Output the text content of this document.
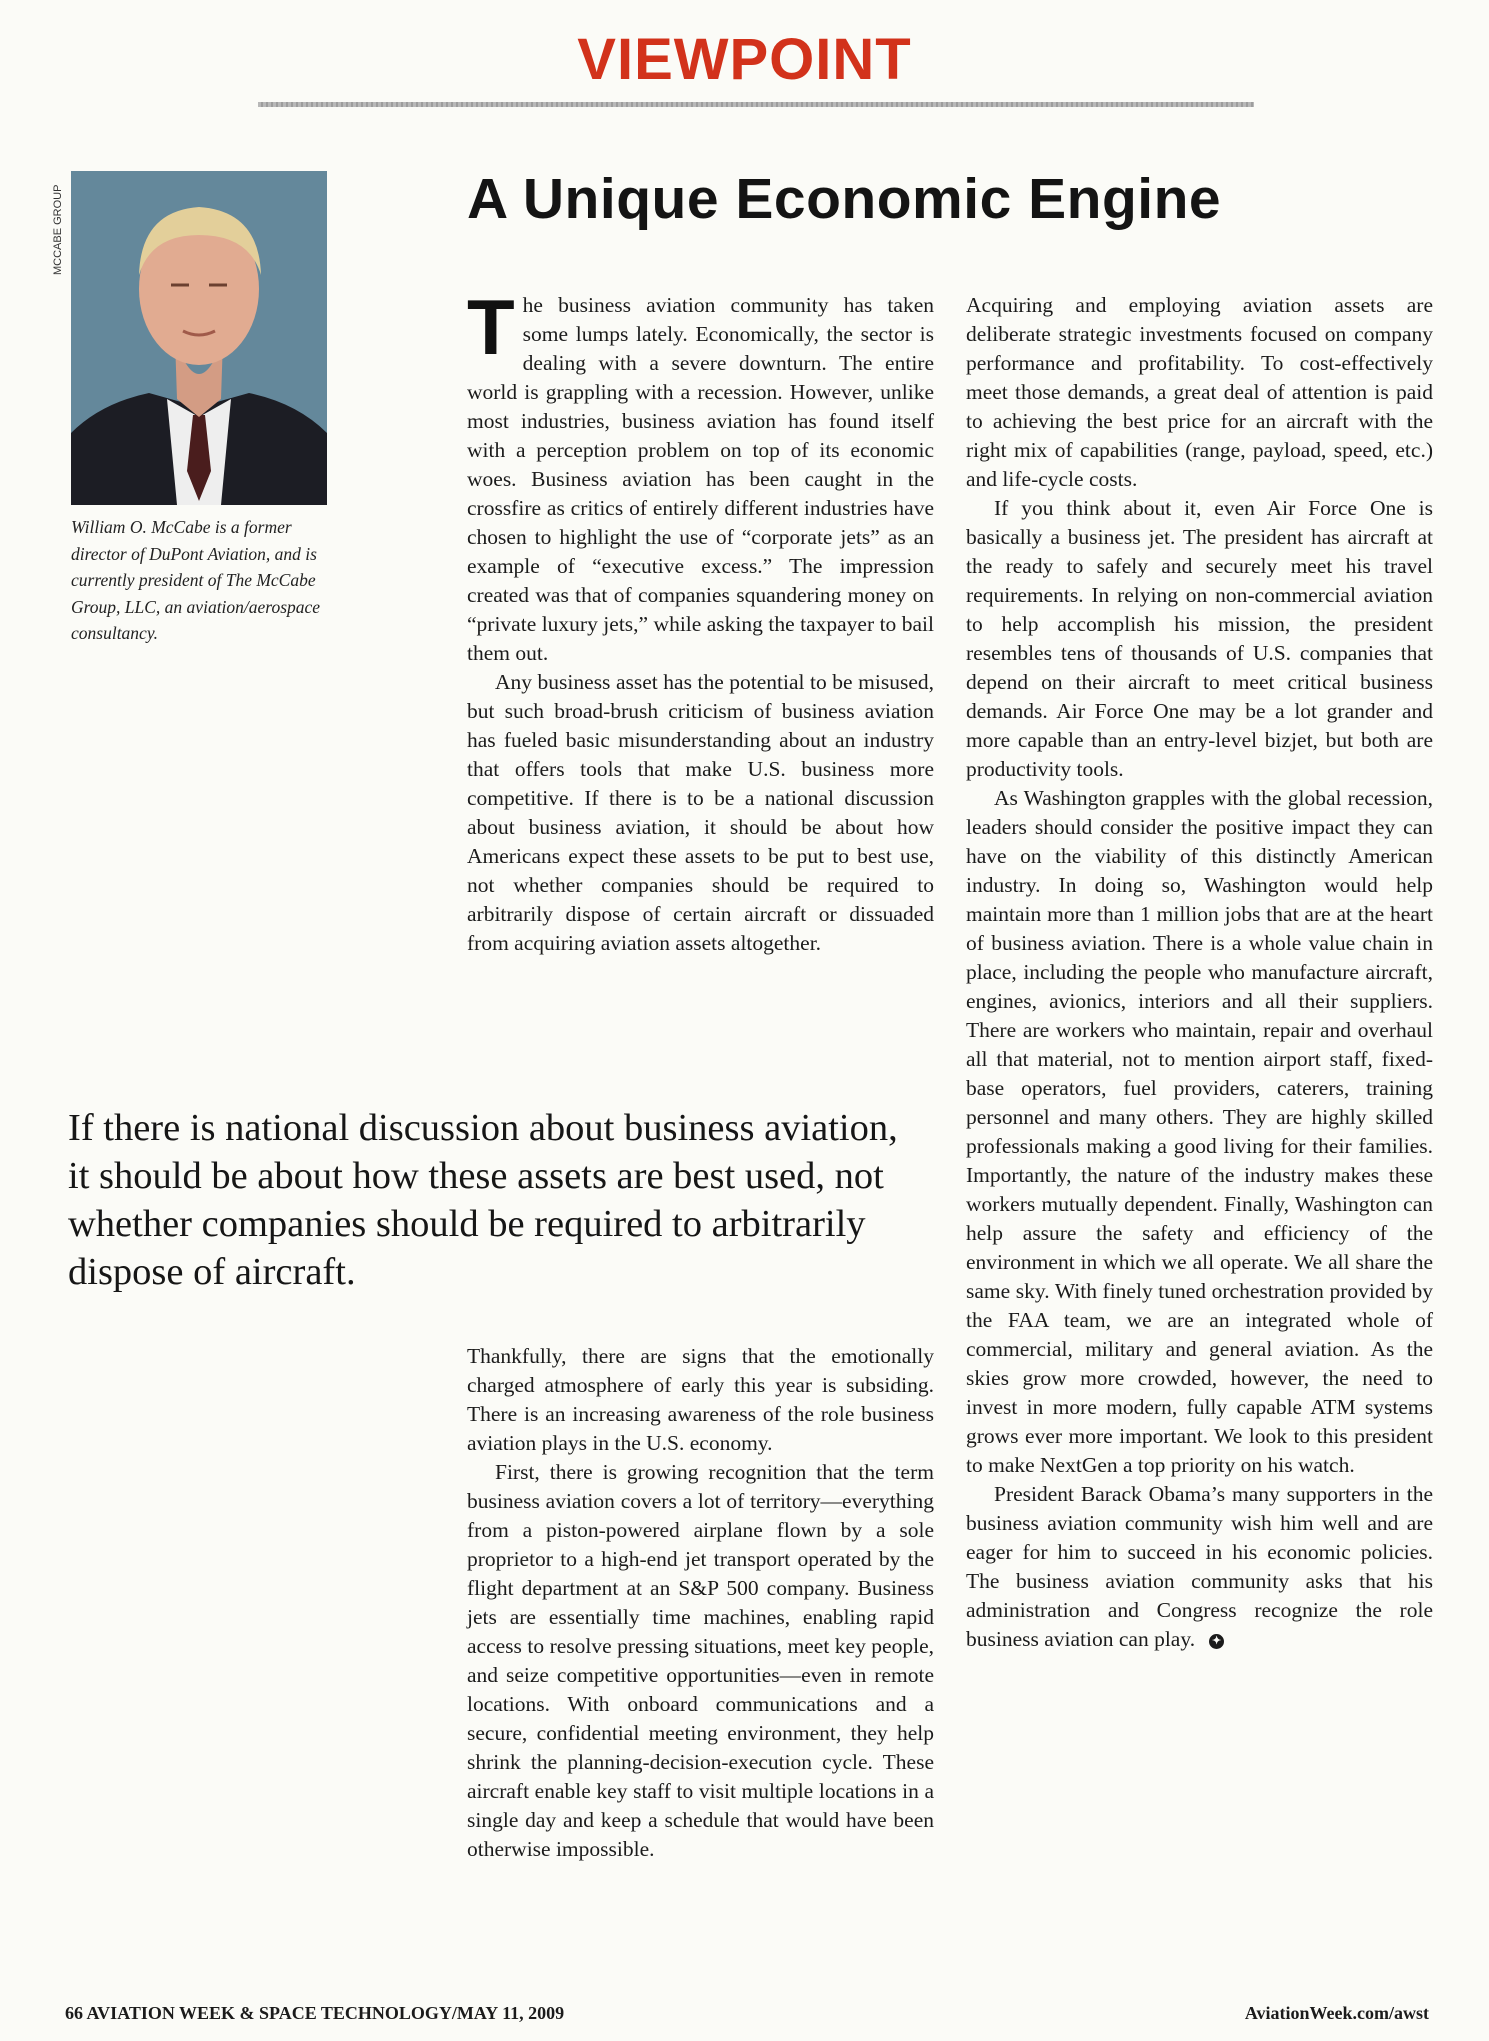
VIEWPOINT
MCCABE GROUP
William O. McCabe is a former director of DuPont Aviation, and is currently president of The McCabe Group, LLC, an aviation/aerospace consultancy.
A Unique Economic Engine

The business aviation community has taken some lumps lately. Economically, the sector is dealing with a severe downturn. The entire world is grappling with a recession. However, unlike most industries, business aviation has found itself with a perception problem on top of its economic woes. Business aviation has been caught in the crossfire as critics of entirely different industries have chosen to highlight the use of “corporate jets” as an example of “executive excess.” The impression created was that of companies squandering money on “private luxury jets,” while asking the taxpayer to bail them out.

Any business asset has the potential to be misused, but such broad-brush criticism of business aviation has fueled basic misunderstanding about an industry that offers tools that make U.S. business more competitive. If there is to be a national discussion about business aviation, it should be about how Americans expect these assets to be put to best use, not whether companies should be required to arbitrarily dispose of certain aircraft or dissuaded from acquiring aviation assets altogether.

If there is national discussion about business aviation, it should be about how these assets are best used, not whether companies should be required to arbitrarily dispose of aircraft.

Thankfully, there are signs that the emotionally charged atmosphere of early this year is subsiding. There is an increasing awareness of the role business aviation plays in the U.S. economy.

First, there is growing recognition that the term business aviation covers a lot of territory—everything from a piston-powered airplane flown by a sole proprietor to a high-end jet transport operated by the flight department at an S&P 500 company. Business jets are essentially time machines, enabling rapid access to resolve pressing situations, meet key people, and seize competitive opportunities—even in remote locations. With onboard communications and a secure, confidential meeting environment, they help shrink the planning-decision-execution cycle. These aircraft enable key staff to visit multiple locations in a single day and keep a schedule that would have been otherwise impossible.

Acquiring and employing aviation assets are deliberate strategic investments focused on company performance and profitability. To cost-effectively meet those demands, a great deal of attention is paid to achieving the best price for an aircraft with the right mix of capabilities (range, payload, speed, etc.) and life-cycle costs.

If you think about it, even Air Force One is basically a business jet. The president has aircraft at the ready to safely and securely meet his travel requirements. In relying on non-commercial aviation to help accomplish his mission, the president resembles tens of thousands of U.S. companies that depend on their aircraft to meet critical business demands. Air Force One may be a lot grander and more capable than an entry-level bizjet, but both are productivity tools.

As Washington grapples with the global recession, leaders should consider the positive impact they can have on the viability of this distinctly American industry. In doing so, Washington would help maintain more than 1 million jobs that are at the heart of business aviation. There is a whole value chain in place, including the people who manufacture aircraft, engines, avionics, interiors and all their suppliers. There are workers who maintain, repair and overhaul all that material, not to mention airport staff, fixed-base operators, fuel providers, caterers, training personnel and many others. They are highly skilled professionals making a good living for their families. Importantly, the nature of the industry makes these workers mutually dependent. Finally, Washington can help assure the safety and efficiency of the environment in which we all operate. We all share the same sky. With finely tuned orchestration provided by the FAA team, we are an integrated whole of commercial, military and general aviation. As the skies grow more crowded, however, the need to invest in more modern, fully capable ATM systems grows ever more important. We look to this president to make NextGen a top priority on his watch.

President Barack Obama’s many supporters in the business aviation community wish him well and are eager for him to succeed in his economic policies. The business aviation community asks that his administration and Congress recognize the role business aviation can play. ✦

66 AVIATION WEEK & SPACE TECHNOLOGY/MAY 11, 2009	AviationWeek.com/awst
